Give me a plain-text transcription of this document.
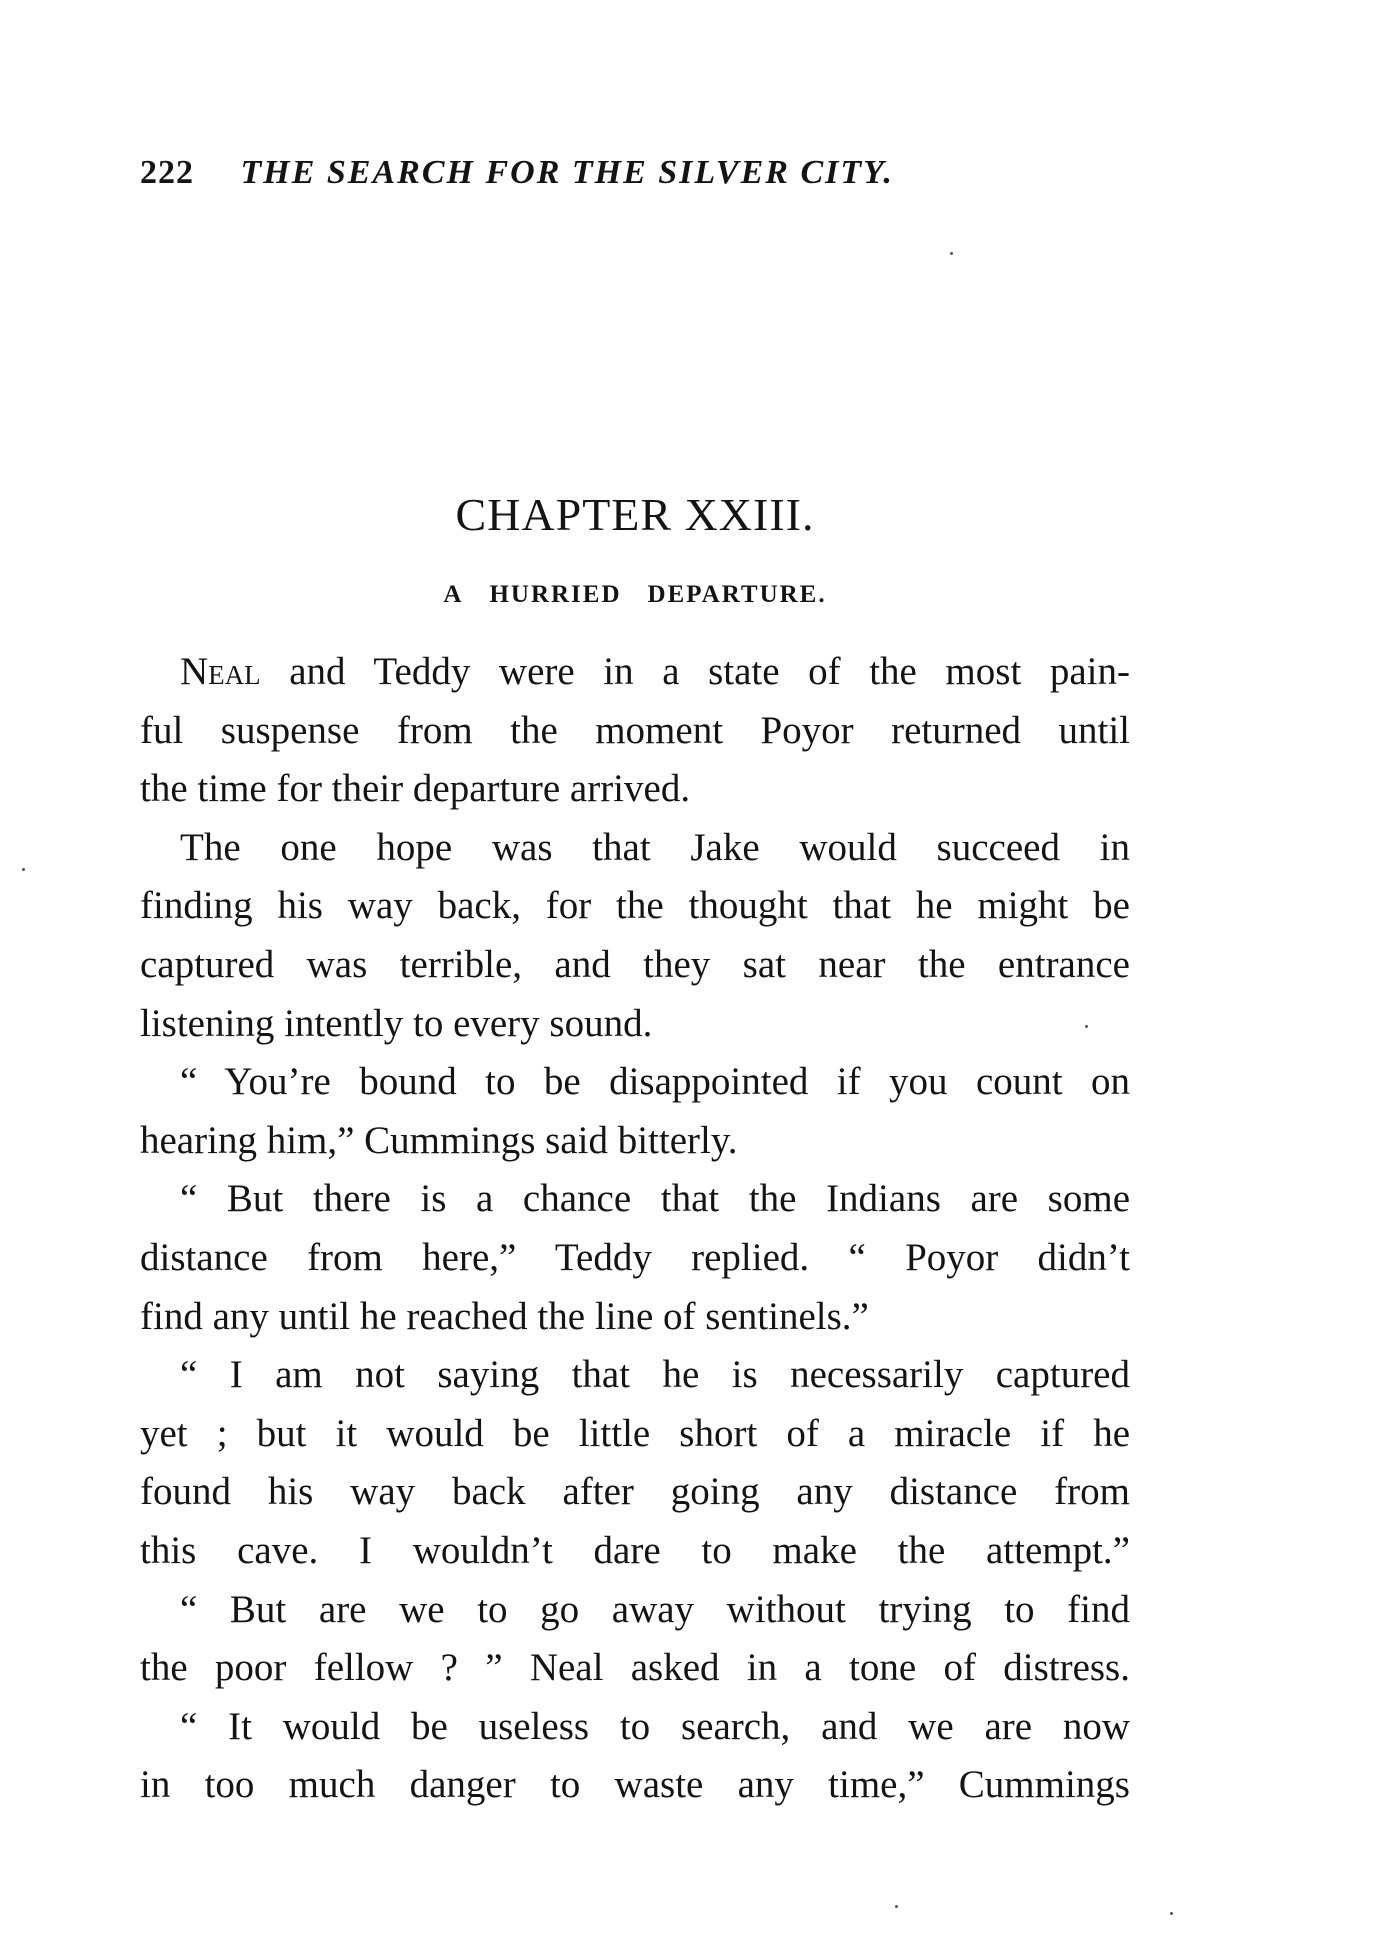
222 THE SEARCH FOR THE SILVER CITY.
CHAPTER XXIII.
A HURRIED DEPARTURE.
Neal and Teddy were in a state of the most pain-
ful suspense from the moment Poyor returned until
the time for their departure arrived.
The one hope was that Jake would succeed in
finding his way back, for the thought that he might be
captured was terrible, and they sat near the entrance
listening intently to every sound.
“ You’re bound to be disappointed if you count on
hearing him,” Cummings said bitterly.
“ But there is a chance that the Indians are some
distance from here,” Teddy replied. “ Poyor didn’t
find any until he reached the line of sentinels.”
“ I am not saying that he is necessarily captured
yet ; but it would be little short of a miracle if he
found his way back after going any distance from
this cave. I wouldn’t dare to make the attempt.”
“ But are we to go away without trying to find
the poor fellow ? ” Neal asked in a tone of distress.
“ It would be useless to search, and we are now
in too much danger to waste any time,” Cummings
